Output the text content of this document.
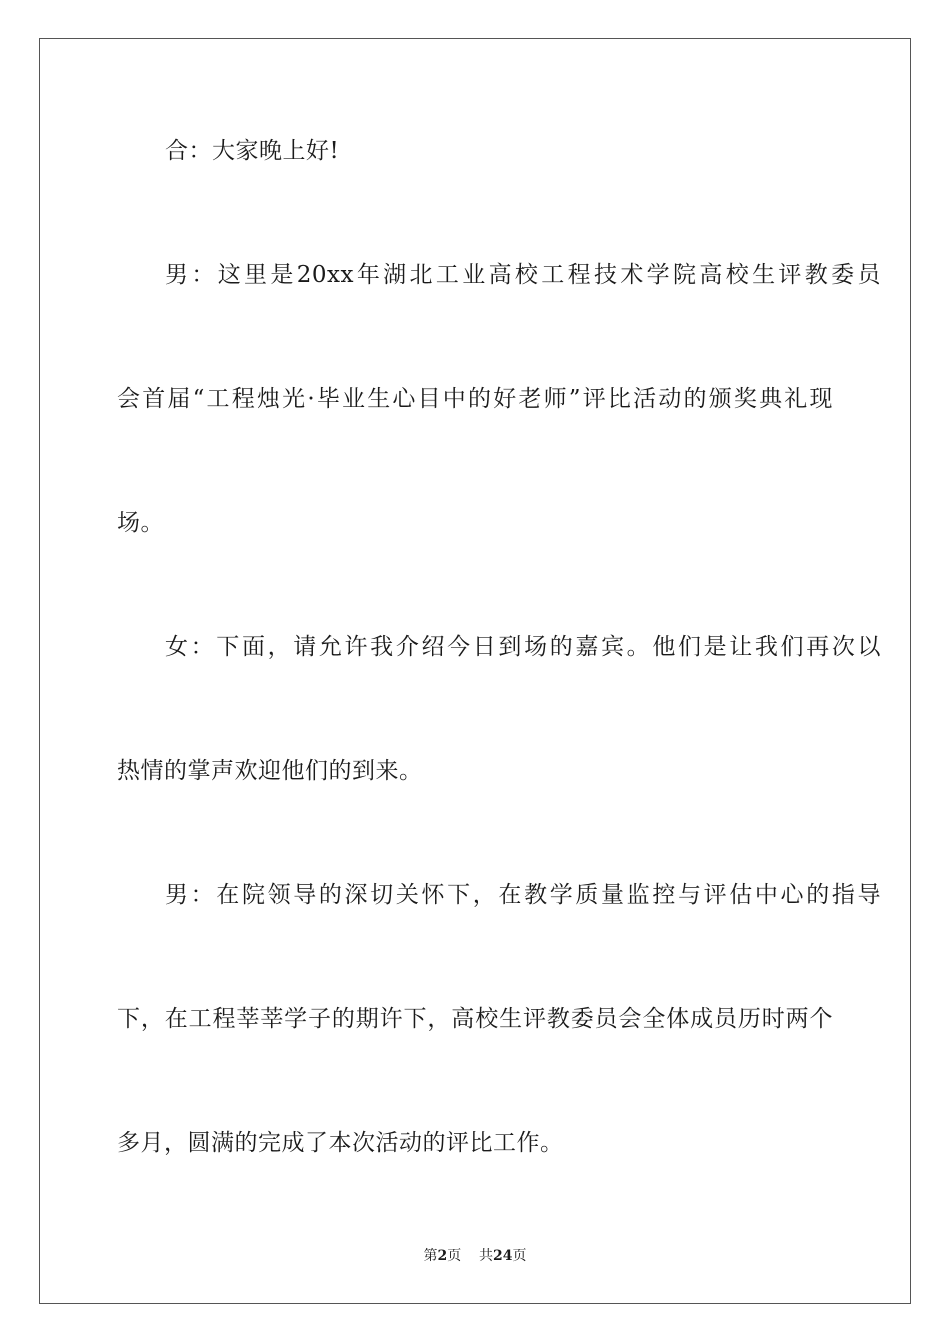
合：大家晚上好!
男：这里是20xx年湖北工业高校工程技术学院高校生评教委员
会首届“工程烛光·毕业生心目中的好老师”评比活动的颁奖典礼现
场。
女：下面，请允许我介绍今日到场的嘉宾。他们是让我们再次以
热情的掌声欢迎他们的到来。
男：在院领导的深切关怀下，在教学质量监控与评估中心的指导
下，在工程莘莘学子的期许下，高校生评教委员会全体成员历时两个
多月，圆满的完成了本次活动的评比工作。
第2页 共24页
